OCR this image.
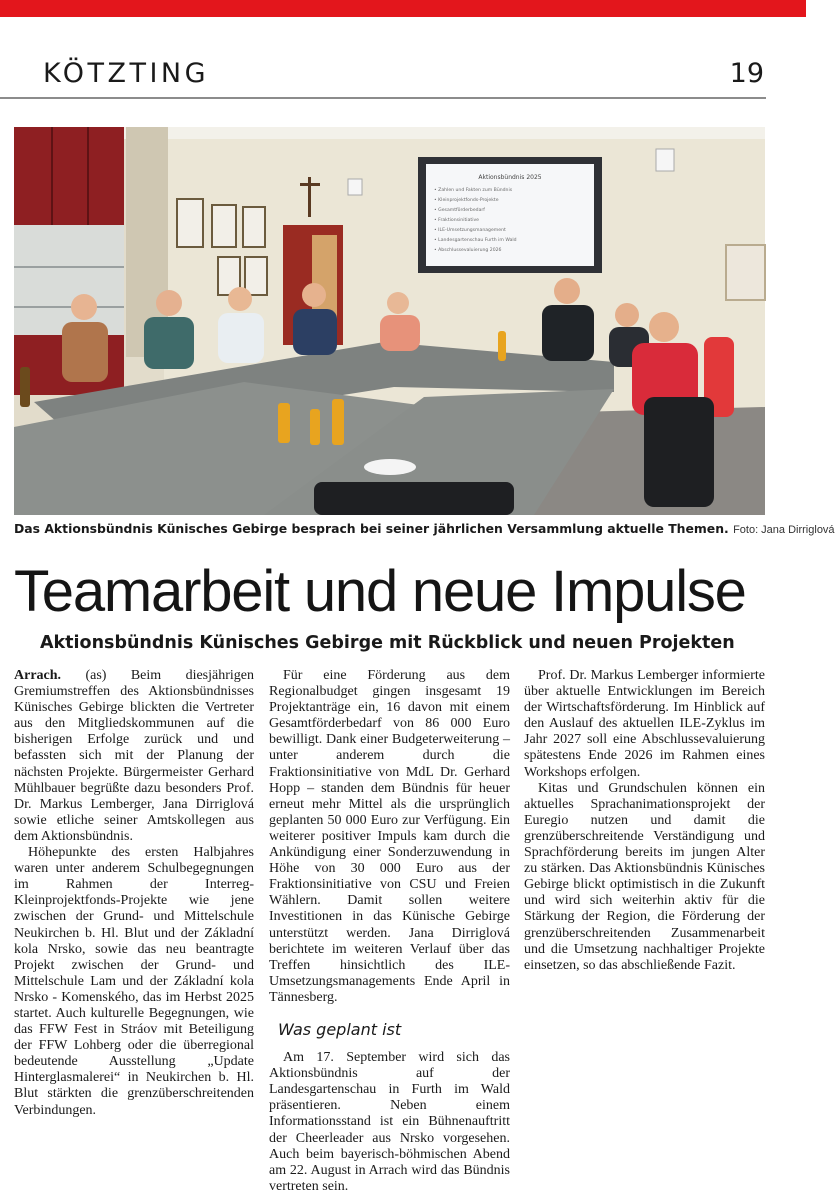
KÖTZTING	19
Aktionsbündnis 2025
• Zahlen und Fakten zum Bündnis
• Kleinprojektfonds-Projekte
• Gesamtförderbedarf
• Fraktionsinitiative
• ILE-Umsetzungsmanagement
• Landesgartenschau Furth im Wald
• Abschlussevaluierung 2026
Das Aktionsbündnis Künisches Gebirge besprach bei seiner jährlichen Versammlung aktuelle Themen. Foto: Jana Dirriglová
Teamarbeit und neue Impulse
Aktionsbündnis Künisches Gebirge mit Rückblick und neuen Projekten

Arrach. (as) Beim diesjährigen Gremiumstreffen des Aktionsbündnisses Künisches Gebirge blickten die Vertreter aus den Mitgliedskommunen auf die bisherigen Erfolge zurück und und befassten sich mit der Planung der nächsten Projekte. Bürgermeister Gerhard Mühlbauer begrüßte dazu besonders Prof. Dr. Markus Lemberger, Jana Dirriglová sowie etliche seiner Amtskollegen aus dem Aktionsbündnis.

Höhepunkte des ersten Halbjahres waren unter anderem Schulbegegnungen im Rahmen der Interreg-Kleinprojektfonds-Projekte wie jene zwischen der Grund- und Mittelschule Neukirchen b. Hl. Blut und der Základní kola Nrsko, sowie das neu beantragte Projekt zwischen der Grund- und Mittelschule Lam und der Základní kola Nrsko - Komenského, das im Herbst 2025 startet. Auch kulturelle Begegnungen, wie das FFW Fest in Stráov mit Beteiligung der FFW Lohberg oder die überregional bedeutende Ausstellung „Update Hinterglasmalerei“ in Neukirchen b. Hl. Blut stärkten die grenzüberschreitenden Verbindungen.

Für eine Förderung aus dem Regionalbudget gingen insgesamt 19 Projektanträge ein, 16 davon mit einem Gesamtförderbedarf von 86 000 Euro bewilligt. Dank einer Budgeterweiterung – unter anderem durch die Fraktionsinitiative von MdL Dr. Gerhard Hopp – standen dem Bündnis für heuer erneut mehr Mittel als die ursprünglich geplanten 50 000 Euro zur Verfügung. Ein weiterer positiver Impuls kam durch die Ankündigung einer Sonderzuwendung in Höhe von 30 000 Euro aus der Fraktionsinitiative von CSU und Freien Wählern. Damit sollen weitere Investitionen in das Künische Gebirge unterstützt werden. Jana Dirriglová berichtete im weiteren Verlauf über das Treffen hinsichtlich des ILE-Umsetzungsmanagements Ende April in Tännesberg.

Was geplant ist

Am 17. September wird sich das Aktionsbündnis auf der Landesgartenschau in Furth im Wald präsentieren. Neben einem Informationsstand ist ein Bühnenauftritt der Cheerleader aus Nrsko vorgesehen. Auch beim bayerisch-böhmischen Abend am 22. August in Arrach wird das Bündnis vertreten sein.

Prof. Dr. Markus Lemberger informierte über aktuelle Entwicklungen im Bereich der Wirtschaftsförderung. Im Hinblick auf den Auslauf des aktuellen ILE-Zyklus im Jahr 2027 soll eine Abschlussevaluierung spätestens Ende 2026 im Rahmen eines Workshops erfolgen.

Kitas und Grundschulen können ein aktuelles Sprachanimationsprojekt der Euregio nutzen und damit die grenzüberschreitende Verständigung und Sprachförderung bereits im jungen Alter zu stärken. Das Aktionsbündnis Künisches Gebirge blickt optimistisch in die Zukunft und wird sich weiterhin aktiv für die Stärkung der Region, die Förderung der grenzüberschreitenden Zusammenarbeit und die Umsetzung nachhaltiger Projekte einsetzen, so das abschließende Fazit.
